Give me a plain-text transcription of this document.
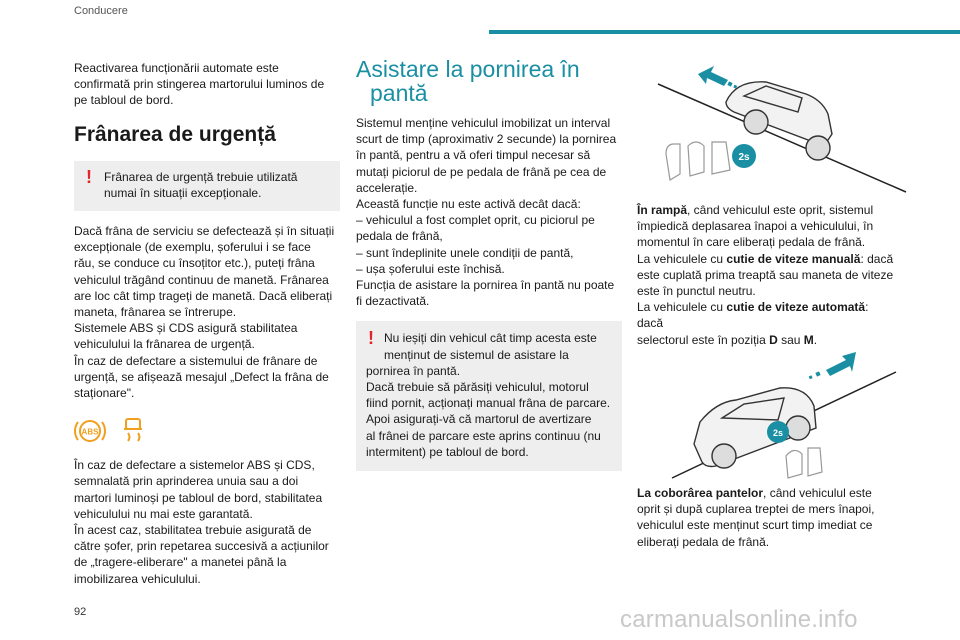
Conducere

Reactivarea funcționării automate este
confirmată prin stingerea martorului luminos de
pe tabloul de bord.

Frânarea de urgență
! Frânarea de urgență trebuie utilizată
numai în situații excepționale.

Dacă frâna de serviciu se defectează și în situații
excepționale (de exemplu, șoferului i se face
rău, se conduce cu însoțitor etc.), puteți frâna
vehiculul trăgând continuu de manetă. Frânarea
are loc cât timp trageți de manetă. Dacă eliberați
maneta, frânarea se întrerupe.
Sistemele ABS și CDS asigură stabilitatea
vehiculului la frânarea de urgență.
În caz de defectare a sistemului de frânare de
urgență, se afișează mesajul „Defect la frâna de
staționare".

ABS

În caz de defectare a sistemelor ABS și CDS,
semnalată prin aprinderea unuia sau a doi
martori luminoși pe tabloul de bord, stabilitatea
vehiculului nu mai este garantată.
În acest caz, stabilitatea trebuie asigurată de
către șofer, prin repetarea succesivă a acțiunilor
de „tragere-eliberare" a manetei până la
imobilizarea vehiculului.

Asistare la pornirea în
pantă

Sistemul menține vehiculul imobilizat un interval
scurt de timp (aproximativ 2 secunde) la pornirea
în pantă, pentru a vă oferi timpul necesar să
mutați piciorul de pe pedala de frână pe cea de
accelerație.
Această funcție nu este activă decât dacă:
– vehiculul a fost complet oprit, cu piciorul pe
pedala de frână,
– sunt îndeplinite unele condiții de pantă,
– ușa șoferului este închisă.
Funcția de asistare la pornirea în pantă nu poate
fi dezactivată.

! Nu ieșiți din vehicul cât timp acesta este
menținut de sistemul de asistare la
pornirea în pantă.
Dacă trebuie să părăsiți vehiculul, motorul
fiind pornit, acționați manual frâna de parcare.
Apoi asigurați-vă că martorul de avertizare
al frânei de parcare este aprins continuu (nu
intermitent) pe tabloul de bord.
2s

În rampă, când vehiculul este oprit, sistemul
împiedică deplasarea înapoi a vehiculului, în
momentul în care eliberați pedala de frână.
La vehiculele cu cutie de viteze manuală: dacă
este cuplată prima treaptă sau maneta de viteze
este în punctul neutru.
La vehiculele cu cutie de viteze automată: dacă
selectorul este în poziția D sau M.

2s

La coborârea pantelor, când vehiculul este
oprit și după cuplarea treptei de mers înapoi,
vehiculul este menținut scurt timp imediat ce
eliberați pedala de frână.

92	carmanualsonline.info
